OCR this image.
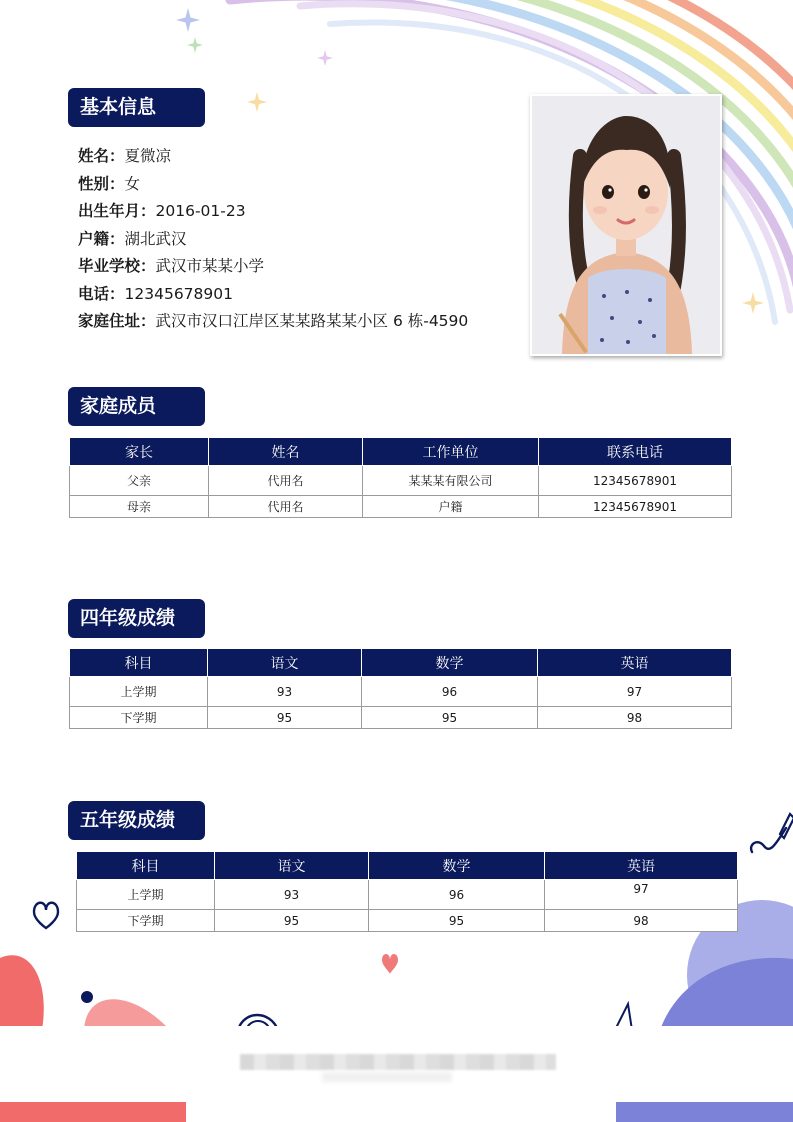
基本信息
姓名：夏微凉
性别：女
出生年月：2016-01-23
户籍：湖北武汉
毕业学校：武汉市某某小学
电话：12345678901
家庭住址：武汉市汉口江岸区某某路某某小区 6 栋-4590
家庭成员
家长	姓名	工作单位	联系电话
父亲	代用名	某某某有限公司	12345678901
母亲	代用名	户籍	12345678901
四年级成绩
科目	语文	数学	英语
上学期	93	96	97
下学期	95	95	98
五年级成绩
科目	语文	数学	英语
上学期	93	96	97
下学期	95	95	98
